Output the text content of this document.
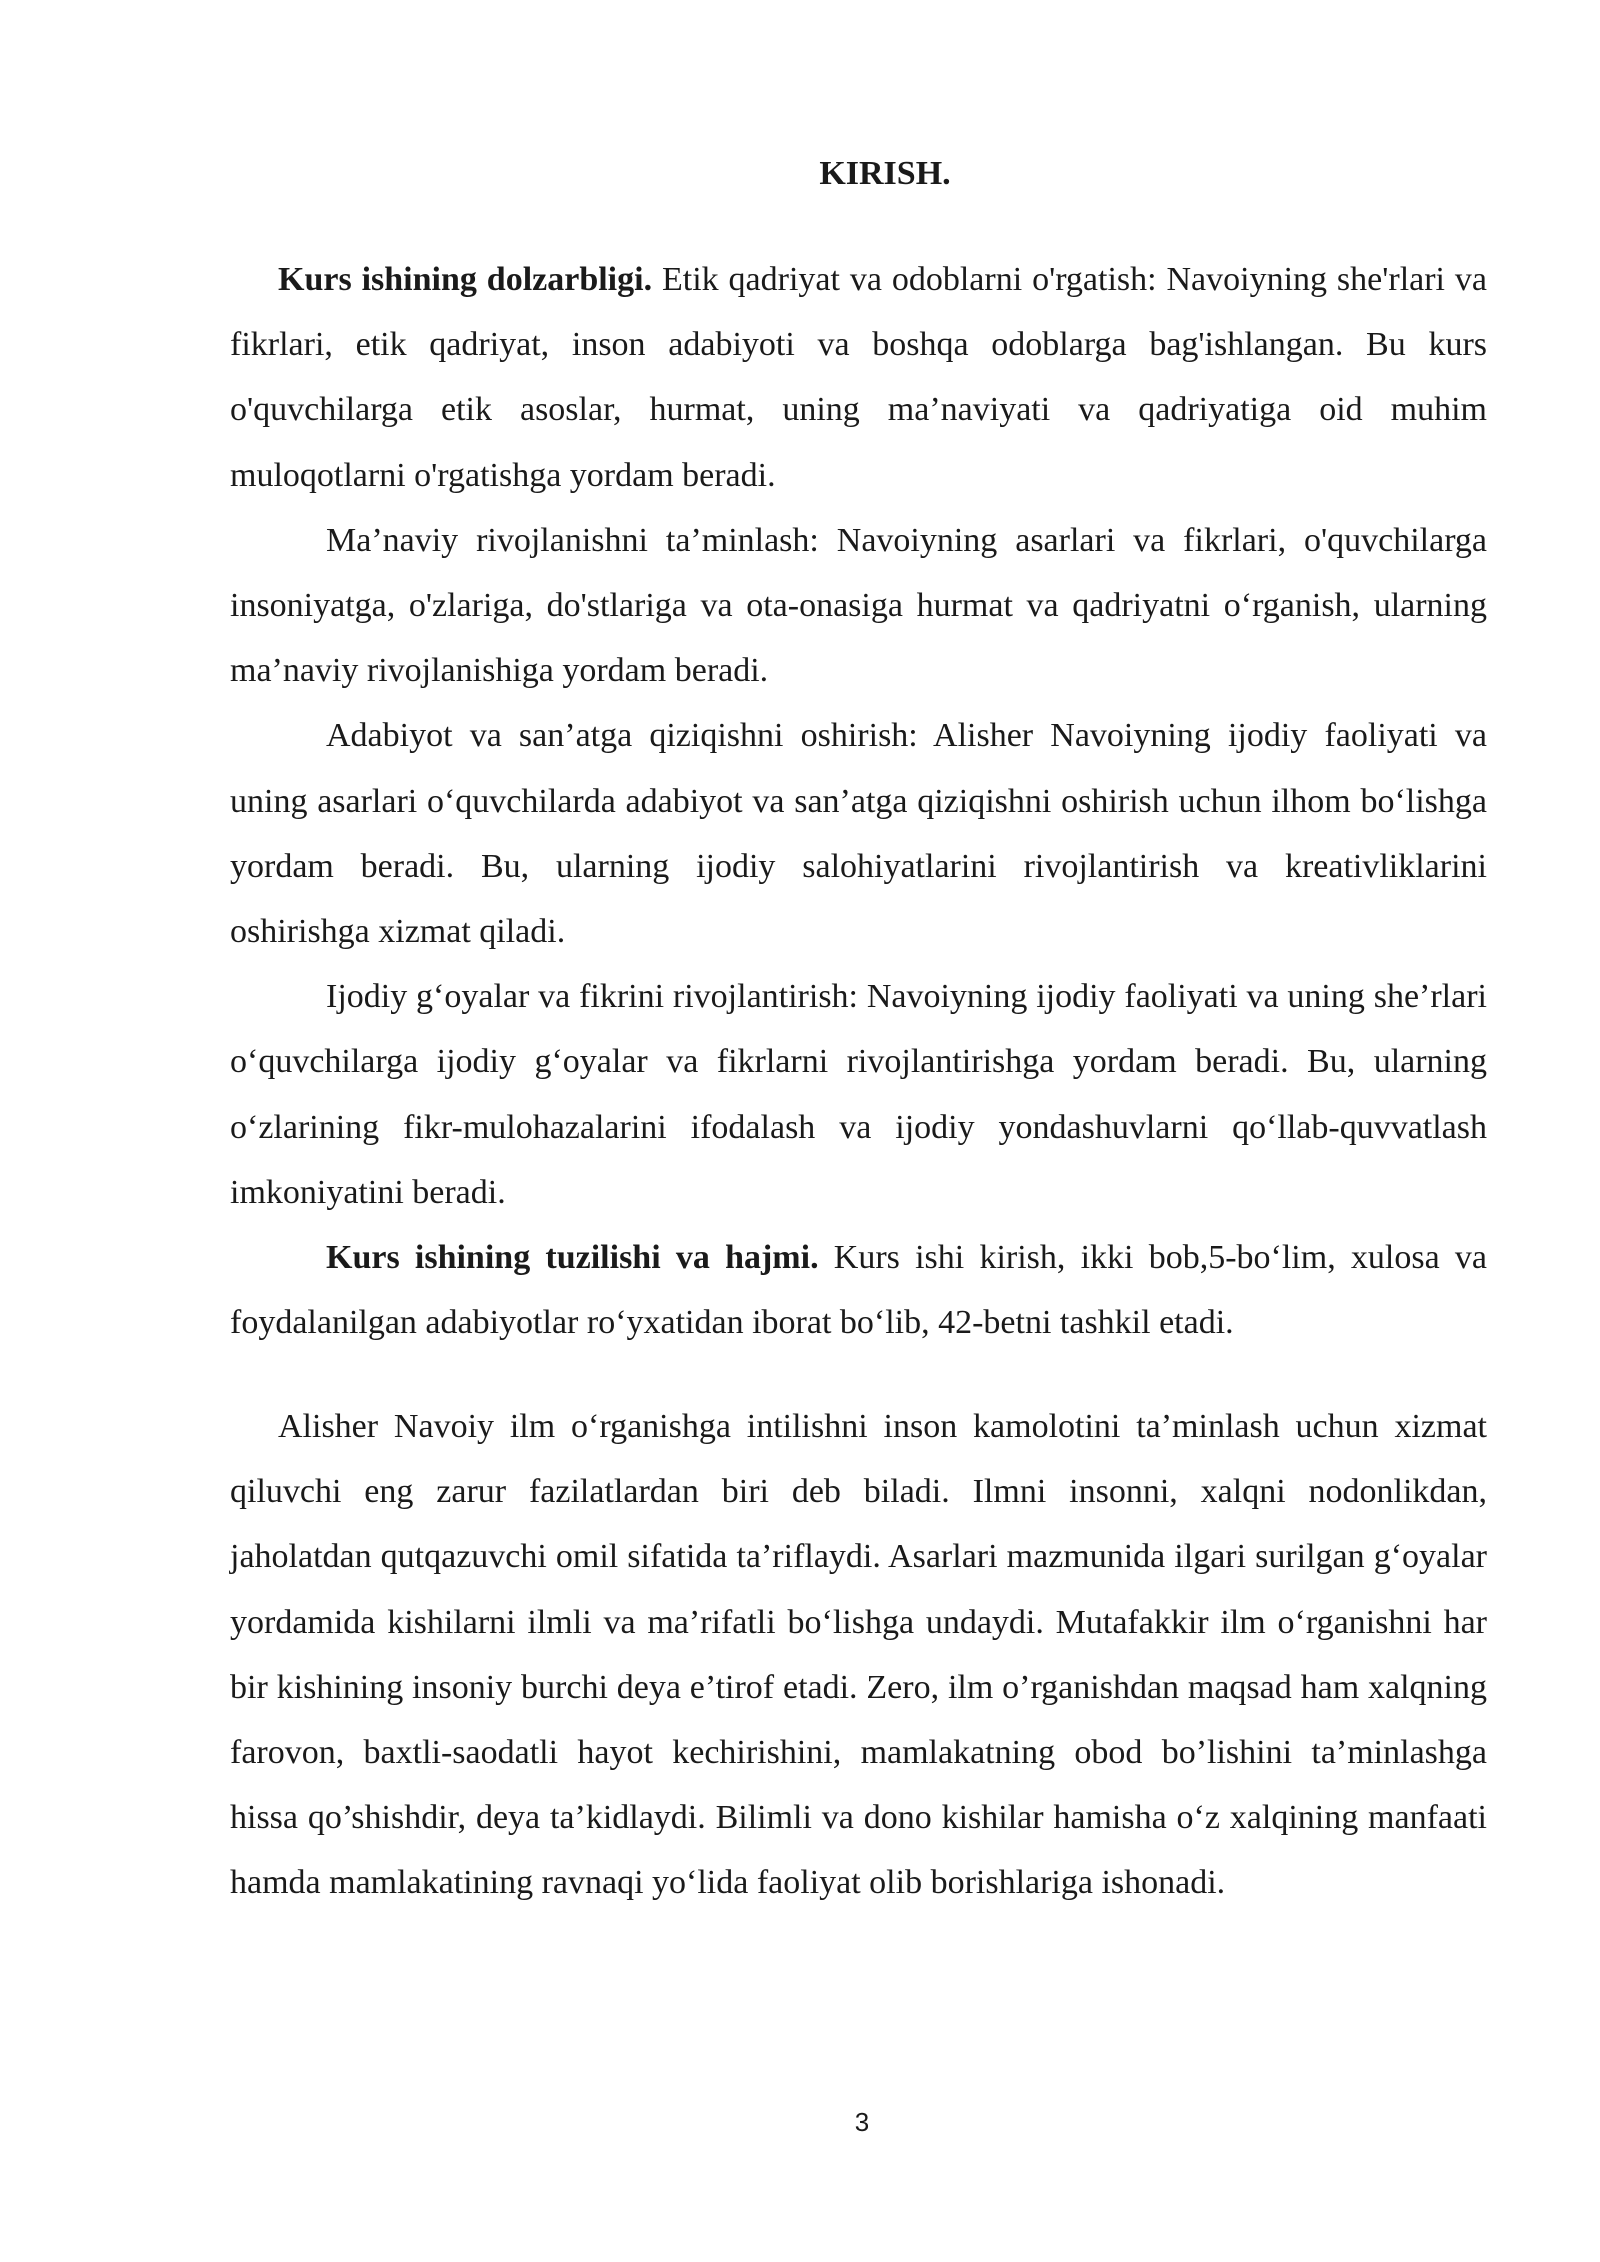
KIRISH.

Kurs ishining dolzarbligi. Etik qadriyat va odoblarni o'rgatish: Navoiyning she'rlari va fikrlari, etik qadriyat, inson adabiyoti va boshqa odoblarga bag'ishlangan. Bu kurs o'quvchilarga etik asoslar, hurmat, uning ma’naviyati va qadriyatiga oid muhim muloqotlarni o'rgatishga yordam beradi.

Ma’naviy rivojlanishni ta’minlash: Navoiyning asarlari va fikrlari, o'quvchilarga insoniyatga, o'zlariga, do'stlariga va ota-onasiga hurmat va qadriyatni o‘rganish, ularning ma’naviy rivojlanishiga yordam beradi.

Adabiyot va san’atga qiziqishni oshirish: Alisher Navoiyning ijodiy faoliyati va uning asarlari o‘quvchilarda adabiyot va san’atga qiziqishni oshirish uchun ilhom bo‘lishga yordam beradi. Bu, ularning ijodiy salohiyatlarini rivojlantirish va kreativliklarini oshirishga xizmat qiladi.

Ijodiy g‘oyalar va fikrini rivojlantirish: Navoiyning ijodiy faoliyati va uning she’rlari o‘quvchilarga ijodiy g‘oyalar va fikrlarni rivojlantirishga yordam beradi. Bu, ularning o‘zlarining fikr-mulohazalarini ifodalash va ijodiy yondashuvlarni qo‘llab-quvvatlash imkoniyatini beradi.

Kurs ishining tuzilishi va hajmi. Kurs ishi kirish, ikki bob,5-bo‘lim, xulosa va foydalanilgan adabiyotlar ro‘yxatidan iborat bo‘lib, 42-betni tashkil etadi.

Alisher Navoiy ilm o‘rganishga intilishni inson kamolotini ta’minlash uchun xizmat qiluvchi eng zarur fazilatlardan biri deb biladi. Ilmni insonni, xalqni nodonlikdan, jaholatdan qutqazuvchi omil sifatida ta’riflaydi. Asarlari mazmunida ilgari surilgan g‘oyalar yordamida kishilarni ilmli va ma’rifatli bo‘lishga undaydi. Mutafakkir ilm o‘rganishni har bir kishining insoniy burchi deya e’tirof etadi. Zero, ilm o’rganishdan maqsad ham xalqning farovon, baxtli-saodatli hayot kechirishini, mamlakatning obod bo’lishini ta’minlashga hissa qo’shishdir, deya ta’kidlaydi. Bilimli va dono kishilar hamisha o‘z xalqining manfaati hamda mamlakatining ravnaqi yo‘lida faoliyat olib borishlariga ishonadi.

3
